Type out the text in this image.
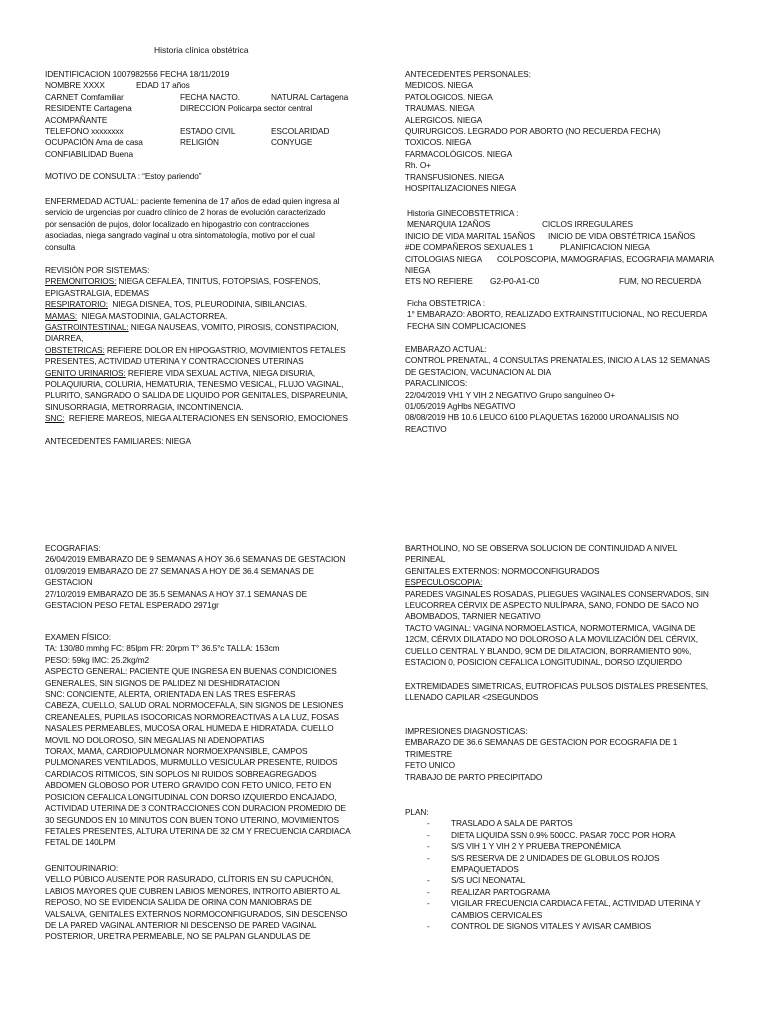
Historia clínica obstétrica
IDENTIFICACION 1007982556 FECHA 18/11/2019
NOMBRE XXXX	EDAD 17 años
CARNET Comfamiliar	FECHA NACTO.	NATURAL Cartagena
RESIDENTE Cartagena	DIRECCION Policarpa sector central
ACOMPAÑANTE
TELEFONO xxxxxxxx	ESTADO CIVIL	ESCOLARIDAD
OCUPACIÓN Ama de casa	RELIGIÓN	CONYUGE
CONFIABILIDAD Buena
MOTIVO DE CONSULTA : “Estoy pariendo”
ENFERMEDAD ACTUAL: paciente femenina de 17 años de edad quien ingresa al
servicio de urgencias por cuadro clínico de 2 horas de evolución caracterizado
por sensación de pujos, dolor localizado en hipogastrio con contracciones
asociadas, niega sangrado vaginal u otra sintomatología, motivo por el cual
consulta
REVISIÓN POR SISTEMAS:
PREMONITORIOS: NIEGA CEFALEA, TINITUS, FOTOPSIAS, FOSFENOS,
EPIGASTRALGIA, EDEMAS
RESPIRATORIO:  NIEGA DISNEA, TOS, PLEURODINIA, SIBILANCIAS.
MAMAS:  NIEGA MASTODINIA, GALACTORREA.
GASTROINTESTINAL: NIEGA NAUSEAS, VOMITO, PIROSIS, CONSTIPACION,
DIARREA,
OBSTETRICAS: REFIERE DOLOR EN HIPOGASTRIO, MOVIMIENTOS FETALES
PRESENTES, ACTIVIDAD UTERINA Y CONTRACCIONES UTERINAS
GENITO URINARIOS: REFIERE VIDA SEXUAL ACTIVA, NIEGA DISURIA,
POLAQUIURIA, COLURIA, HEMATURIA, TENESMO VESICAL, FLUJO VAGINAL,
PLURITO, SANGRADO O SALIDA DE LIQUIDO POR GENITALES, DISPAREUNIA,
SINUSORRAGIA, METRORRAGIA, INCONTINENCIA.
SNC:  REFIERE MAREOS, NIEGA ALTERACIONES EN SENSORIO, EMOCIONES
ANTECEDENTES FAMILIARES: NIEGA
ANTECEDENTES PERSONALES:
MEDICOS. NIEGA
PATOLOGICOS. NIEGA
TRAUMAS. NIEGA
ALERGICOS. NIEGA
QUIRURGICOS. LEGRADO POR ABORTO (NO RECUERDA FECHA)
TOXICOS. NIEGA
FARMACOLÓGICOS. NIEGA
Rh. O+
TRANSFUSIONES. NIEGA
HOSPITALIZACIONES NIEGA
Historia GINECOBSTETRICA :
MENARQUIA 12AÑOS	CICLOS IRREGULARES
INICIO DE VIDA MARITAL 15AÑOS INICIO DE VIDA OBSTÉTRICA 15AÑOS
#DE COMPAÑEROS SEXUALES 1	PLANIFICACION NIEGA
CITOLOGIAS NIEGA COLPOSCOPIA, MAMOGRAFIAS, ECOGRAFIA MAMARIA
NIEGA
ETS NO REFIERE G2-P0-A1-C0	FUM, NO RECUERDA
Ficha OBSTETRICA :
1° EMBARAZO: ABORTO, REALIZADO EXTRAINSTITUCIONAL, NO RECUERDA
FECHA SIN COMPLICACIONES
EMBARAZO ACTUAL:
CONTROL PRENATAL, 4 CONSULTAS PRENATALES, INICIO A LAS 12 SEMANAS
DE GESTACION, VACUNACION AL DIA
PARACLINICOS:
22/04/2019 VH1 Y VIH 2 NEGATIVO Grupo sanguíneo O+
01/05/2019 AgHbs NEGATIVO
08/08/2019 HB 10.6 LEUCO 6100 PLAQUETAS 162000 UROANALISIS NO
REACTIVO
ECOGRAFIAS:
26/04/2019 EMBARAZO DE 9 SEMANAS A HOY 36.6 SEMANAS DE GESTACION
01/09/2019 EMBARAZO DE 27 SEMANAS A HOY DE 36.4 SEMANAS DE
GESTACION
27/10/2019 EMBARAZO DE 35.5 SEMANAS A HOY 37.1 SEMANAS DE
GESTACION PESO FETAL ESPERADO 2971gr
EXAMEN FÍSICO:
TA: 130/80 mmhg FC: 85lpm FR: 20rpm T° 36.5°c TALLA: 153cm
PESO: 59kg IMC: 25.2kg/m2
ASPECTO GENERAL: PACIENTE QUE INGRESA EN BUENAS CONDICIONES
GENERALES, SIN SIGNOS DE PALIDEZ NI DESHIDRATACION
SNC: CONCIENTE, ALERTA, ORIENTADA EN LAS TRES ESFERAS
CABEZA, CUELLO, SALUD ORAL NORMOCEFALA, SIN SIGNOS DE LESIONES
CREANEALES, PUPILAS ISOCORICAS NORMOREACTIVAS A LA LUZ, FOSAS
NASALES PERMEABLES, MUCOSA ORAL HUMEDA E HIDRATADA. CUELLO
MOVIL NO DOLOROSO, SIN MEGALIAS NI ADENOPATIAS
TORAX, MAMA, CARDIOPULMONAR NORMOEXPANSIBLE, CAMPOS
PULMONARES VENTILADOS, MURMULLO VESICULAR PRESENTE, RUIDOS
CARDIACOS RITMICOS, SIN SOPLOS NI RUIDOS SOBREAGREGADOS
ABDOMEN GLOBOSO POR UTERO GRAVIDO CON FETO UNICO, FETO EN
POSICION CEFALICA LONGITUDINAL CON DORSO IZQUIERDO ENCAJADO,
ACTIVIDAD UTERINA DE 3 CONTRACCIONES CON DURACION PROMEDIO DE
30 SEGUNDOS EN 10 MINUTOS CON BUEN TONO UTERINO, MOVIMIENTOS
FETALES PRESENTES, ALTURA UTERINA DE 32 CM Y FRECUENCIA CARDIACA
FETAL DE 140LPM
GENITOURINARIO:
VELLO PÚBICO AUSENTE POR RASURADO, CLÍTORIS EN SU CAPUCHÓN,
LABIOS MAYORES QUE CUBREN LABIOS MENORES, INTROITO ABIERTO AL
REPOSO, NO SE EVIDENCIA SALIDA DE ORINA CON MANIOBRAS DE
VALSALVA, GENITALES EXTERNOS NORMOCONFIGURADOS, SIN DESCENSO
DE LA PARED VAGINAL ANTERIOR NI DESCENSO DE PARED VAGINAL
POSTERIOR, URETRA PERMEABLE, NO SE PALPAN GLANDULAS DE
BARTHOLINO, NO SE OBSERVA SOLUCION DE CONTINUIDAD A NIVEL
PERINEAL
GENITALES EXTERNOS: NORMOCONFIGURADOS
ESPECULOSCOPIA:
PAREDES VAGINALES ROSADAS, PLIEGUES VAGINALES CONSERVADOS, SIN
LEUCORREA CÉRVIX DE ASPECTO NULÍPARA, SANO, FONDO DE SACO NO
ABOMBADOS, TARNIER NEGATIVO
TACTO VAGINAL: VAGINA NORMOELASTICA, NORMOTERMICA, VAGINA DE
12CM, CÉRVIX DILATADO NO DOLOROSO A LA MOVILIZACIÓN DEL CÉRVIX,
CUELLO CENTRAL Y BLANDO, 9CM DE DILATACION, BORRAMIENTO 90%,
ESTACION 0, POSICION CEFALICA LONGITUDINAL, DORSO IZQUIERDO
EXTREMIDADES SIMETRICAS, EUTROFICAS PULSOS DISTALES PRESENTES,
LLENADO CAPILAR <2SEGUNDOS
IMPRESIONES DIAGNOSTICAS:
EMBARAZO DE 36.6 SEMANAS DE GESTACION POR ECOGRAFIA DE 1
TRIMESTRE
FETO UNICO
TRABAJO DE PARTO PRECIPITADO
PLAN:
-	TRASLADO A SALA DE PARTOS
-	DIETA LIQUIDA SSN 0.9% 500CC. PASAR 70CC POR HORA
-	S/S VIH 1 Y VIH 2 Y PRUEBA TREPONÉMICA
-	S/S RESERVA DE 2 UNIDADES DE GLOBULOS ROJOS
EMPAQUETADOS
-	S/S UCI NEONATAL
-	REALIZAR PARTOGRAMA
-	VIGILAR FRECUENCIA CARDIACA FETAL, ACTIVIDAD UTERINA Y
CAMBIOS CERVICALES
-	CONTROL DE SIGNOS VITALES Y AVISAR CAMBIOS
